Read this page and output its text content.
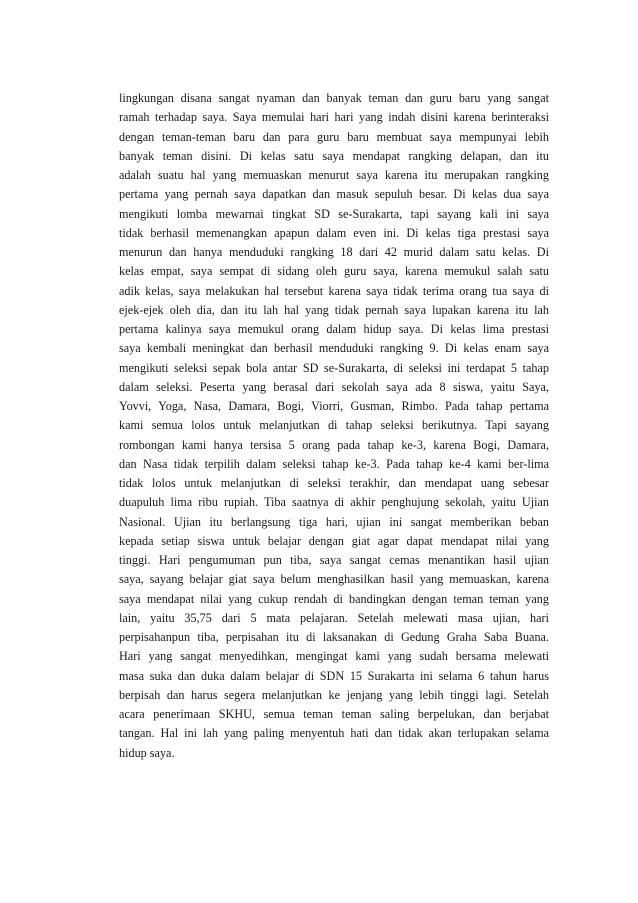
lingkungan disana sangat nyaman dan banyak teman dan guru baru yang sangat
ramah terhadap saya. Saya memulai hari hari yang indah disini karena berinteraksi
dengan teman-teman baru dan para guru baru membuat saya mempunyai lebih
banyak teman disini. Di kelas satu saya mendapat rangking delapan, dan itu
adalah suatu hal yang memuaskan menurut saya karena itu merupakan rangking
pertama yang pernah saya dapatkan dan masuk sepuluh besar. Di kelas dua saya
mengikuti lomba mewarnai tingkat SD se-Surakarta, tapi sayang kali ini saya
tidak berhasil memenangkan apapun dalam even ini. Di kelas tiga prestasi saya
menurun dan hanya menduduki rangking 18 dari 42 murid dalam satu kelas. Di
kelas empat, saya sempat di sidang oleh guru saya, karena memukul salah satu
adik kelas, saya melakukan hal tersebut karena saya tidak terima orang tua saya di
ejek-ejek oleh dia, dan itu lah hal yang tidak pernah saya lupakan karena itu lah
pertama kalinya saya memukul orang dalam hidup saya. Di kelas lima prestasi
saya kembali meningkat dan berhasil menduduki rangking 9. Di kelas enam saya
mengikuti seleksi sepak bola antar SD se-Surakarta, di seleksi ini terdapat 5 tahap
dalam seleksi. Peserta yang berasal dari sekolah saya ada 8 siswa, yaitu Saya,
Yovvi, Yoga, Nasa, Damara, Bogi, Viorri, Gusman, Rimbo. Pada tahap pertama
kami semua lolos untuk melanjutkan di tahap seleksi berikutnya. Tapi sayang
rombongan kami hanya tersisa 5 orang pada tahap ke-3, karena Bogi, Damara,
dan Nasa tidak terpilih dalam seleksi tahap ke-3. Pada tahap ke-4 kami ber-lima
tidak lolos untuk melanjutkan di seleksi terakhir, dan mendapat uang sebesar
duapuluh lima ribu rupiah. Tiba saatnya di akhir penghujung sekolah, yaitu Ujian
Nasional. Ujian itu berlangsung tiga hari, ujian ini sangat memberikan beban
kepada setiap siswa untuk belajar dengan giat agar dapat mendapat nilai yang
tinggi. Hari pengumuman pun tiba, saya sangat cemas menantikan hasil ujian
saya, sayang belajar giat saya belum menghasilkan hasil yang memuaskan, karena
saya mendapat nilai yang cukup rendah di bandingkan dengan teman teman yang
lain, yaitu 35,75 dari 5 mata pelajaran. Setelah melewati masa ujian, hari
perpisahanpun tiba, perpisahan itu di laksanakan di Gedung Graha Saba Buana.
Hari yang sangat menyedihkan, mengingat kami yang sudah bersama melewati
masa suka dan duka dalam belajar di SDN 15 Surakarta ini selama 6 tahun harus
berpisah dan harus segera melanjutkan ke jenjang yang lebih tinggi lagi. Setelah
acara penerimaan SKHU, semua teman teman saling berpelukan, dan berjabat
tangan. Hal ini lah yang paling menyentuh hati dan tidak akan terlupakan selama
hidup saya.
